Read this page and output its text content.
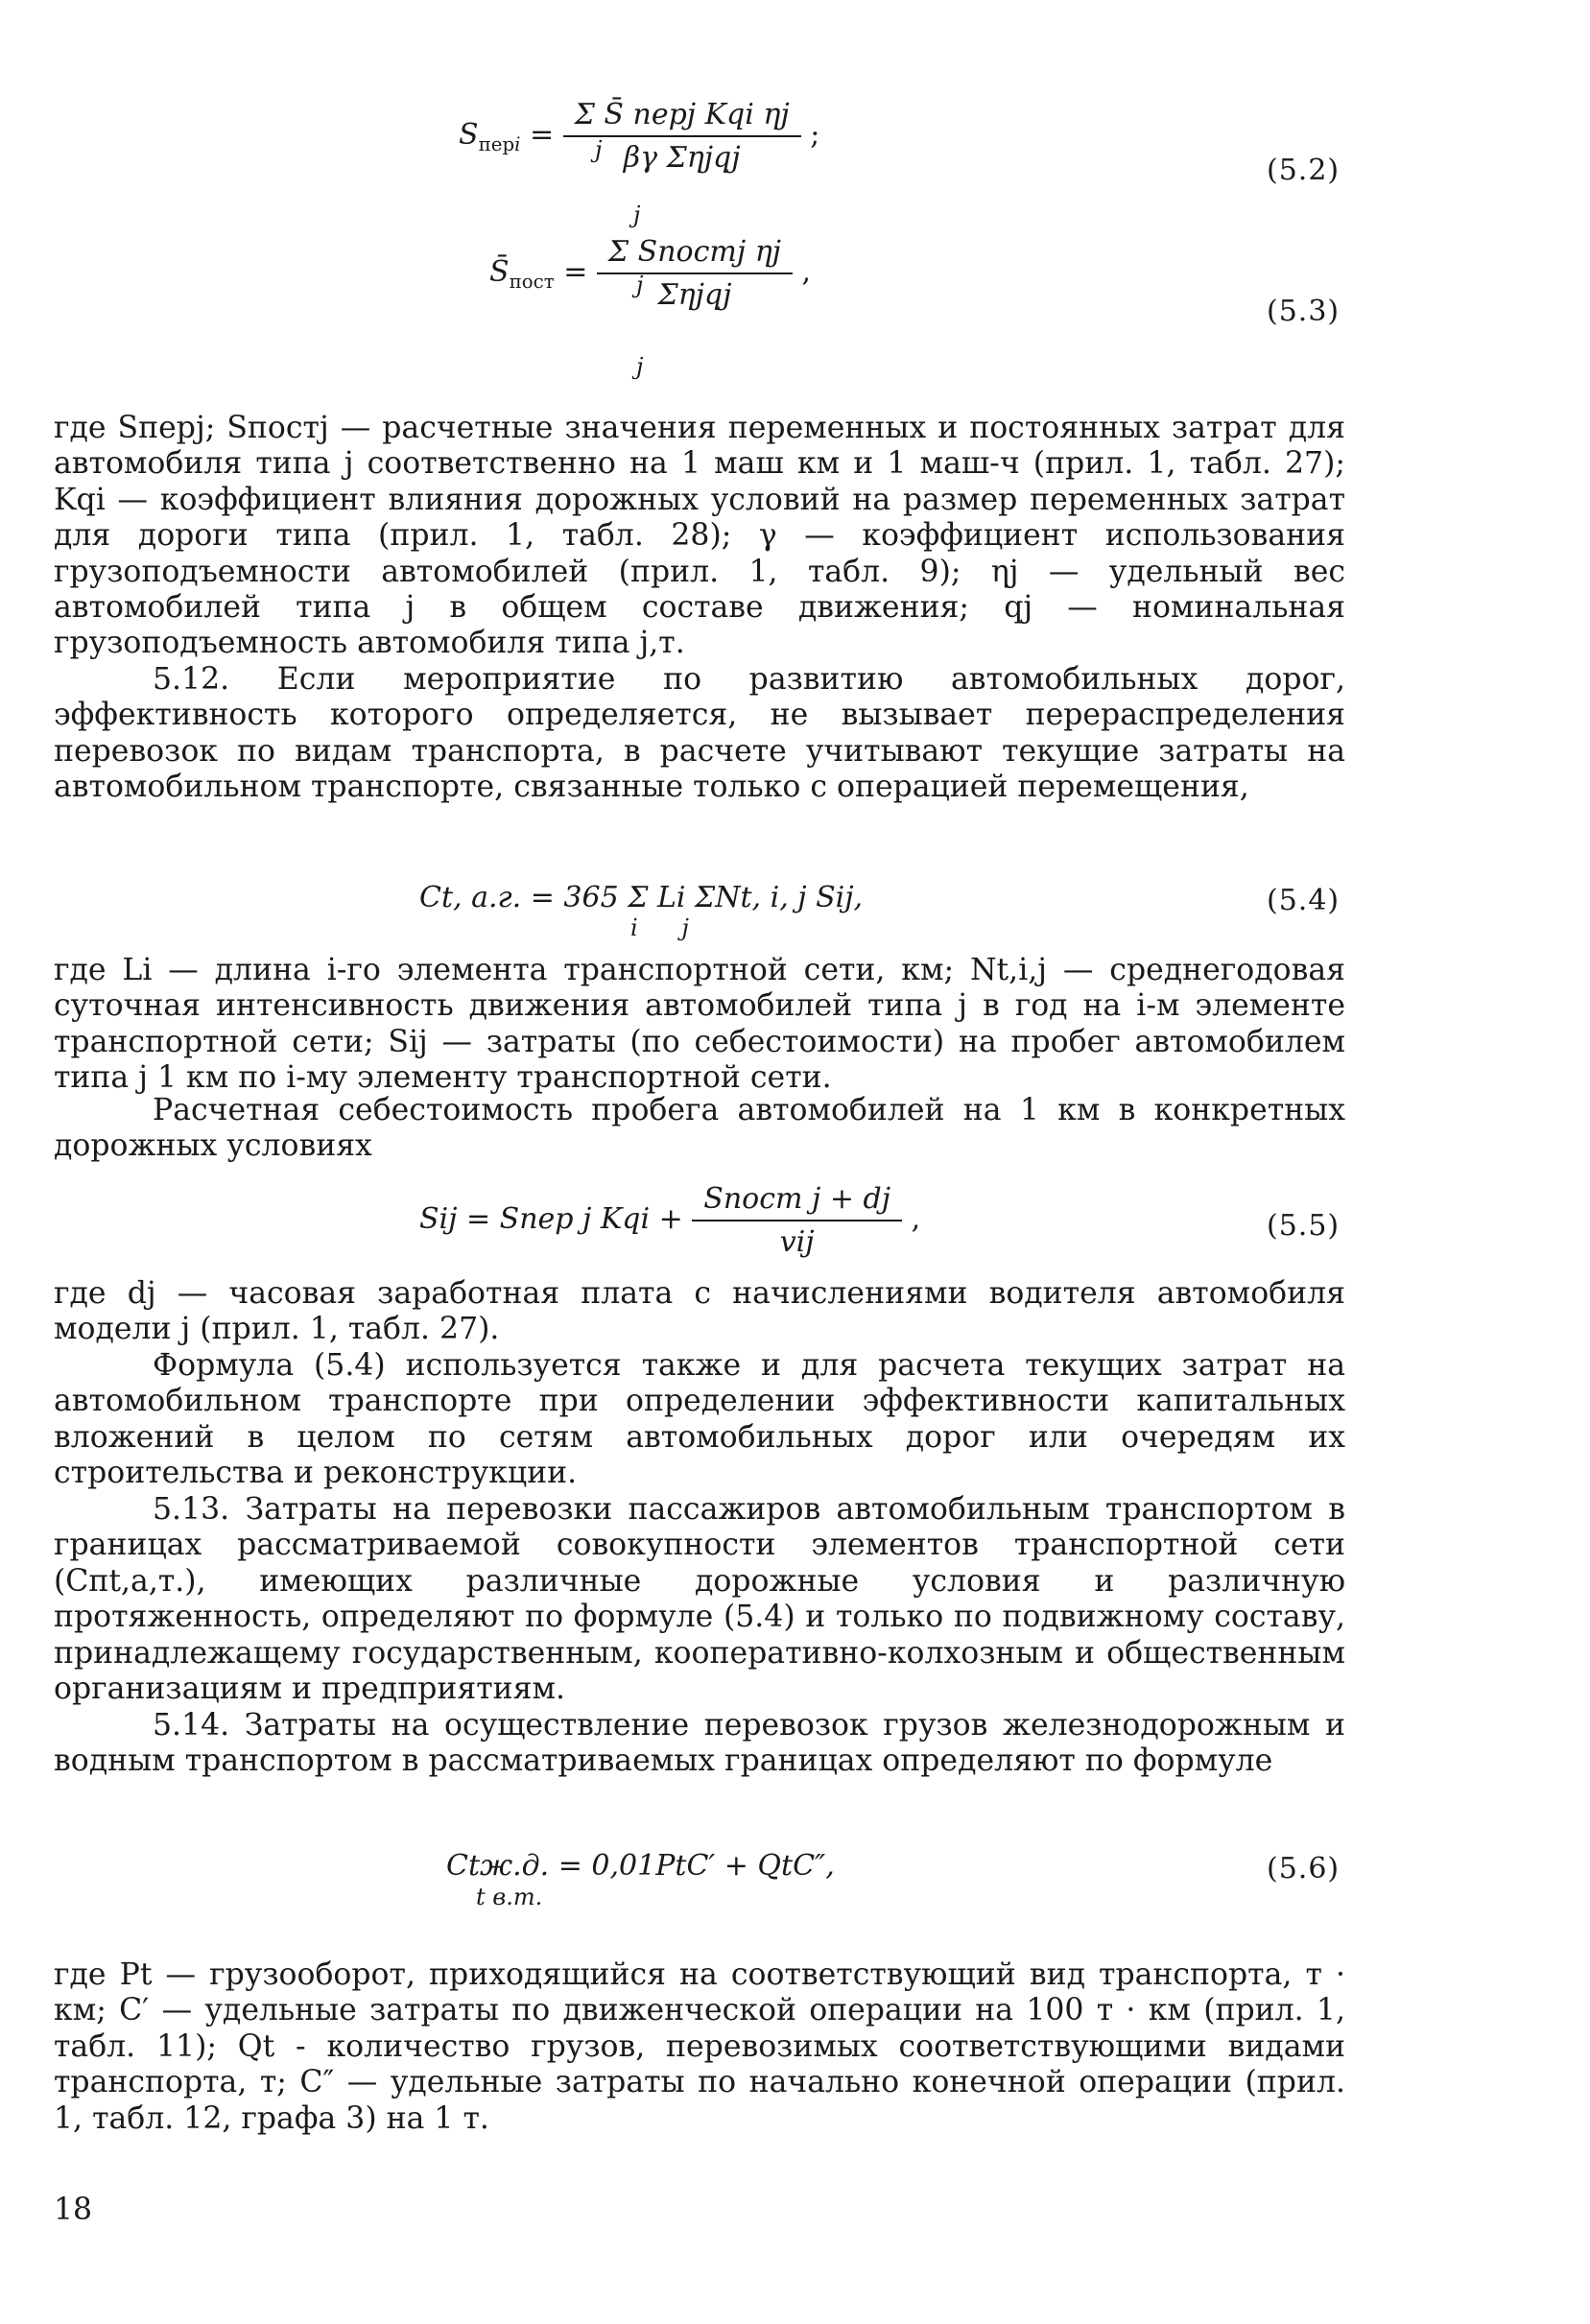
$S_{перi} = \frac{\text{Σ S̄ перj Kqi ηj}}{\text{βγ Σηjqj}}$ ;
j
j
(5.2)
$S̄_{пост} = \frac{\text{Σ Sпостj ηj}}{\text{Σηjqj}}$ ,
j
j
(5.3)

где Sперj; Sпостj — расчетные значения переменных и постоянных затрат для автомобиля типа j соответственно на 1 маш км и 1 маш-ч (прил. 1, табл. 27); Kqi — коэффициент влияния дорожных условий на размер переменных затрат для дороги типа (прил. 1, табл. 28); γ — коэффициент использования грузоподъемности автомобилей (прил. 1, табл. 9); ηj — удельный вес автомобилей типа j в общем составе движения; qj — номинальная грузоподъемность автомобиля типа j,т.

5.12. Если мероприятие по развитию автомобильных дорог, эффективность которого определяется, не вызывает перераспределения перевозок по видам транспорта, в расчете учитывают текущие затраты на автомобильном транспорте, связанные только с операцией перемещения,

Ct, а.г. = 365 Σ Li ΣNt, i, j Sij,
i      j
(5.4)

где Li — длина i-го элемента транспортной сети, км; Nt,i,j — среднегодовая суточная интенсивность движения автомобилей типа j в год на i-м элементе транспортной сети; Sij — затраты (по себестоимости) на пробег автомобилем типа j 1 км по i-му элементу транспортной сети.

Расчетная себестоимость пробега автомобилей на 1 км в конкретных дорожных условиях

Sij = Sпер j Kqi + $\frac{\text{Sпост j + dj}}{\text{vij}}$ ,	(5.5)

где dj — часовая заработная плата с начислениями водителя автомобиля модели j (прил. 1, табл. 27).

Формула (5.4) используется также и для расчета текущих затрат на автомобильном транспорте при определении эффективности капитальных вложений в целом по сетям автомобильных дорог или очередям их строительства и реконструкции.

5.13. Затраты на перевозки пассажиров автомобильным транспортом в границах рассматриваемой совокупности элементов транспортной сети (Cпt,а,т.), имеющих различные дорожные условия и различную протяженность, определяют по формуле (5.4) и только по подвижному составу, принадлежащему государственным, кооперативно-колхозным и общественным организациям и предприятиям.

5.14. Затраты на осуществление перевозок грузов железнодорожным и водным транспортом в рассматриваемых границах определяют по формуле

Ctж.д. = 0,01PtC′ + QtC″,
t в.т.
(5.6)

где Pt — грузооборот, приходящийся на соответствующий вид транспорта, т · км; C′ — удельные затраты по движенческой операции на 100 т · км (прил. 1, табл. 11); Qt - количество грузов, перевозимых соответствующими видами транспорта, т; C″ — удельные затраты по начально конечной операции (прил. 1, табл. 12, графа 3) на 1 т.

18
